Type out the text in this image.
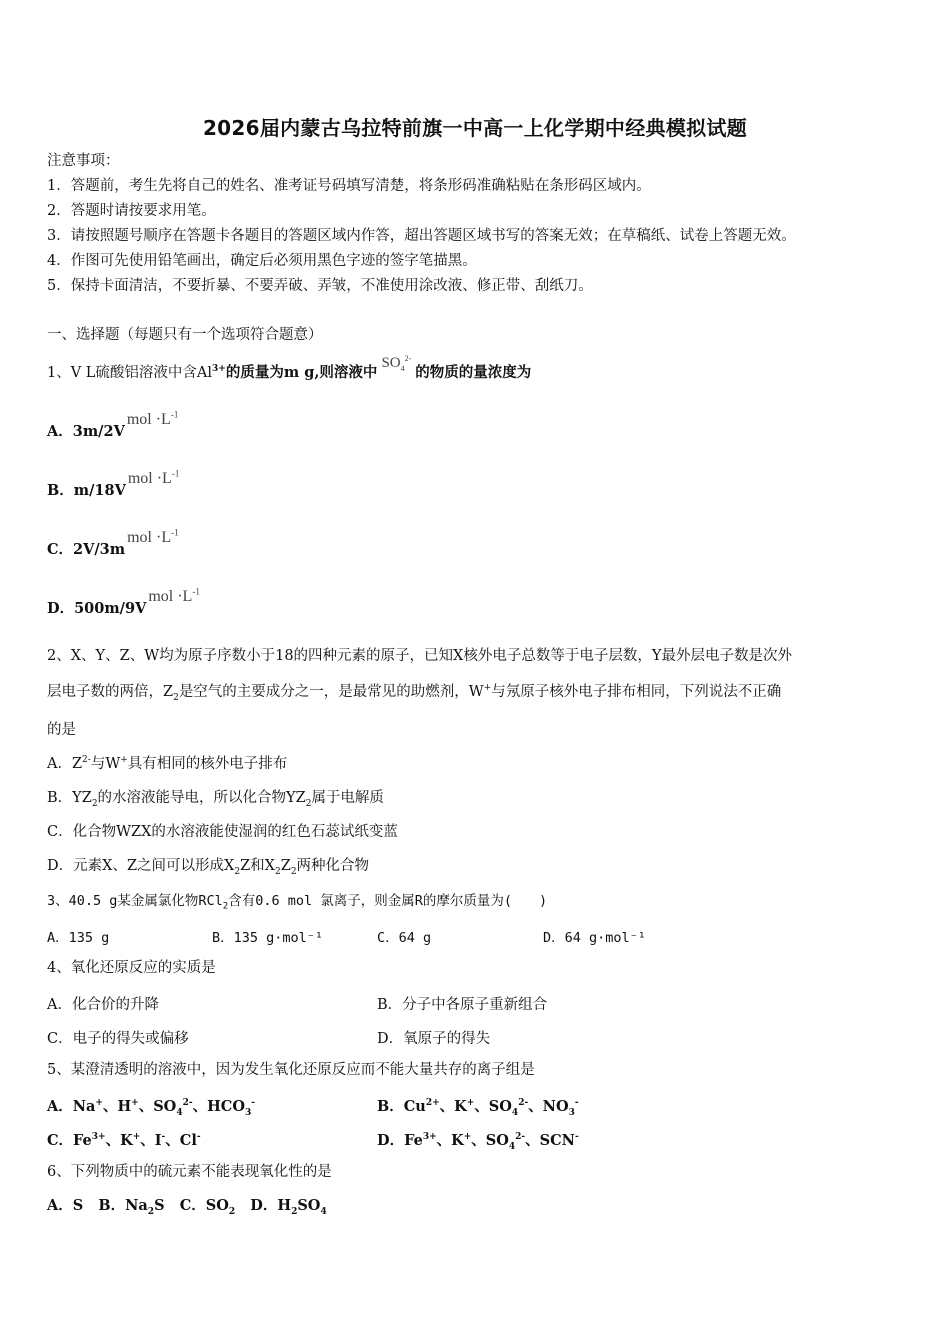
2026届内蒙古乌拉特前旗一中高一上化学期中经典模拟试题
注意事项：
1．答题前，考生先将自己的姓名、准考证号码填写清楚，将条形码准确粘贴在条形码区域内。
2．答题时请按要求用笔。
3．请按照题号顺序在答题卡各题目的答题区域内作答，超出答题区域书写的答案无效；在草稿纸、试卷上答题无效。
4．作图可先使用铅笔画出，确定后必须用黑色字迹的签字笔描黑。
5．保持卡面清洁，不要折暴、不要弄破、弄皱，不准使用涂改液、修正带、刮纸刀。
一、选择题（每题只有一个选项符合题意）
1、V L硫酸铝溶液中含$Al^{3+}$的质量为m g,则溶液中$SO_4^{2-}$的物质的量浓度为
A．3m/2Vmol $\cdot L^{-1}$
B．m/18Vmol $\cdot L^{-1}$
C．2V/3mmol $\cdot L^{-1}$
D．500m/9Vmol $\cdot L^{-1}$
2、X、Y、Z、W均为原子序数小于18的四种元素的原子，已知X核外电子总数等于电子层数，Y最外层电子数是次外
层电子数的两倍，$Z_2$是空气的主要成分之一，是最常见的助燃剂，W+与氖原子核外电子排布相同，下列说法不正确
的是
A．$Z^{2-}$与W+具有相同的核外电子排布
B．$YZ_2$的水溶液能导电，所以化合物$YZ_2$属于电解质
C．化合物WZX的水溶液能使湿润的红色石蕊试纸变蓝
D．元素X、Z之间可以形成$X_2Z$和$X_2Z_2$两种化合物
3、40.5 g某金属氯化物RCl$_2$含有0.6 mol 氯离子，则金属R的摩尔质量为(　　)
A．135 g	B．135 g·mol⁻¹	C．64 g	D．64 g·mol⁻¹
4、氧化还原反应的实质是
A．化合价的升降	B．分子中各原子重新组合
C．电子的得失或偏移	D．氧原子的得失
5、某澄清透明的溶液中，因为发生氧化还原反应而不能大量共存的离子组是
A．Na+、H+、$SO_4^{2-}$、$HCO_3^-$	B．$Cu^{2+}$、K+、$SO_4^{2-}$、$NO_3^-$
C．$Fe^{3+}$、K+、I-、Cl-	D．$Fe^{3+}$、K+、$SO_4^{2-}$、SCN-
6、下列物质中的硫元素不能表现氧化性的是
A．S B．$Na_2S$ C．$SO_2$ D．$H_2SO_4$
